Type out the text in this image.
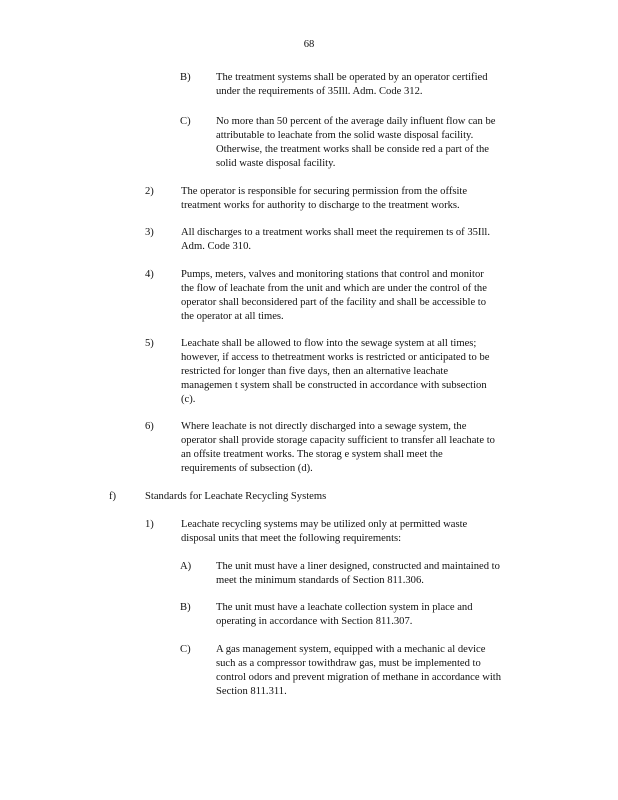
68
B) The treatment systems shall be operated by an operator certified
under the requirements of 35Ill. Adm. Code 312.
C) No more than 50 percent of the average daily influent flow can be
attributable to leachate from the solid waste disposal facility.
Otherwise, the treatment works shall be conside red a part of the
solid waste disposal facility.
2)	The operator is responsible for securing permission from the offsite
treatment works for authority to discharge to the treatment works.
3)	All discharges to a treatment works shall meet the requiremen ts of 35Ill.
Adm. Code 310.
4)	Pumps, meters, valves and monitoring stations that control and monitor
the flow of leachate from the unit and which are under the control of the
operator shall beconsidered part of the facility and shall be accessible to
the operator at all times.
5)	Leachate shall be allowed to flow into the sewage system at all times;
however, if access to thetreatment works is restricted or anticipated to be
restricted for longer than five days, then an alternative leachate
managemen t system shall be constructed in accordance with subsection
(c).
6)	Where leachate is not directly discharged into a sewage system, the
operator shall provide storage capacity sufficient to transfer all leachate to
an offsite treatment works. The storag e system shall meet the
requirements of subsection (d).
f)	Standards for Leachate Recycling Systems
1)	Leachate recycling systems may be utilized only at permitted waste
disposal units that meet the following requirements:
A) The unit must have a liner designed, constructed and maintained to
meet the minimum standards of Section 811.306.
B) The unit must have a leachate collection system in place and
operating in accordance with Section 811.307.
C) A gas management system, equipped with a mechanic al device
such as a compressor towithdraw gas, must be implemented to
control odors and prevent migration of methane in accordance with
Section 811.311.
